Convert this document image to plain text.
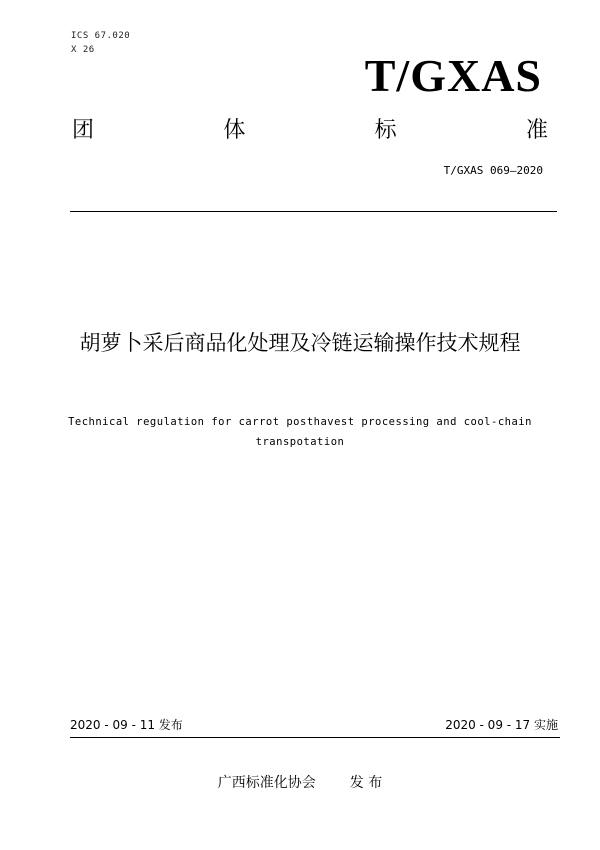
ICS 67.020
X 26	T/GXAS
团	体	标	准
T/GXAS 069—2020
胡萝卜采后商品化处理及冷链运输操作技术规程
Technical regulation for carrot posthavest processing and cool-chain transpotation
2020 - 09 - 11 发布	2020 - 09 - 17 实施
广西标准化协会 发 布
